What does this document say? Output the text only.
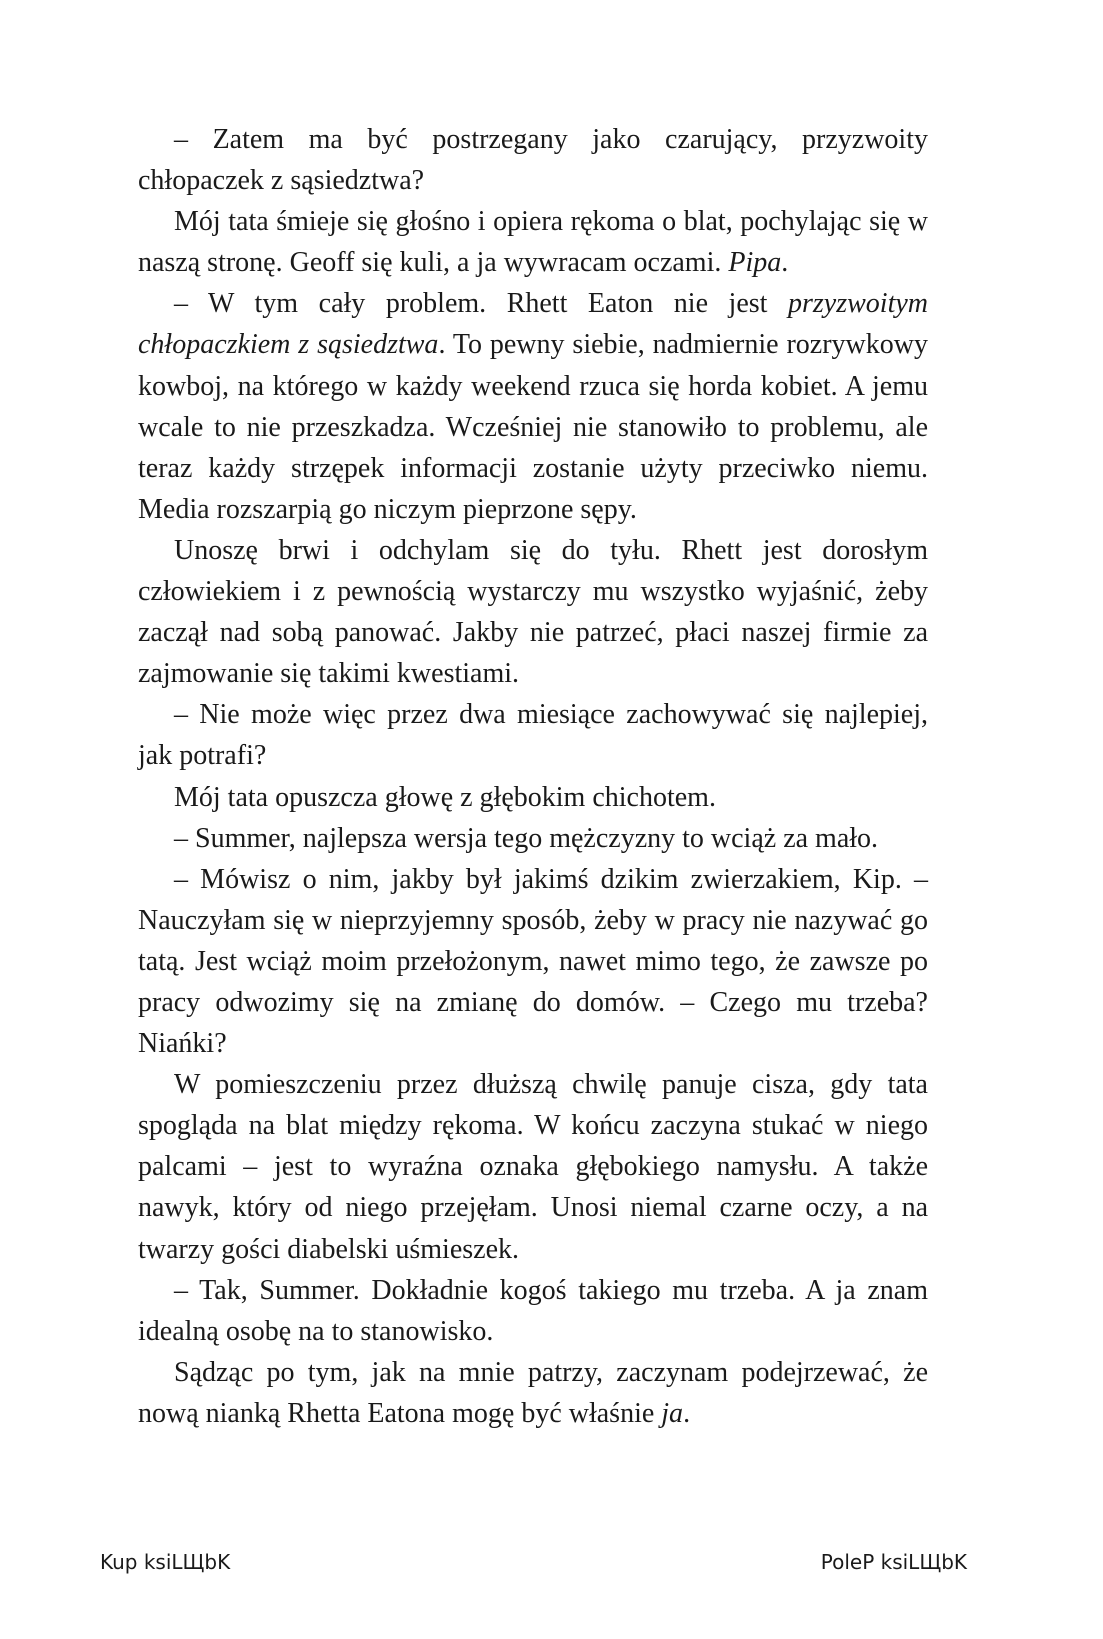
– Zatem ma być postrzegany jako czarujący, przyzwoity chłopaczek z sąsiedztwa?

Mój tata śmieje się głośno i opiera rękoma o blat, pochylając się w naszą stronę. Geoff się kuli, a ja wywracam oczami. Pipa.

– W tym cały problem. Rhett Eaton nie jest przyzwoitym chłopaczkiem z sąsiedztwa. To pewny siebie, nadmiernie rozrywkowy kowboj, na którego w każdy weekend rzuca się horda kobiet. A jemu wcale to nie przeszkadza. Wcześniej nie stanowiło to problemu, ale teraz każdy strzępek informacji zostanie użyty przeciwko niemu. Media rozszarpią go niczym pieprzone sępy.

Unoszę brwi i odchylam się do tyłu. Rhett jest dorosłym człowiekiem i z pewnością wystarczy mu wszystko wyjaśnić, żeby zaczął nad sobą panować. Jakby nie patrzeć, płaci naszej firmie za zajmowanie się takimi kwestiami.

– Nie może więc przez dwa miesiące zachowywać się najlepiej, jak potrafi?

Mój tata opuszcza głowę z głębokim chichotem.

– Summer, najlepsza wersja tego mężczyzny to wciąż za mało.

– Mówisz o nim, jakby był jakimś dzikim zwierzakiem, Kip. – Nauczyłam się w nieprzyjemny sposób, żeby w pracy nie nazywać go tatą. Jest wciąż moim przełożonym, nawet mimo tego, że zawsze po pracy odwozimy się na zmianę do domów. – Czego mu trzeba? Niańki?

W pomieszczeniu przez dłuższą chwilę panuje cisza, gdy tata spogląda na blat między rękoma. W końcu zaczyna stukać w niego palcami – jest to wyraźna oznaka głębokiego namysłu. A także nawyk, który od niego przejęłam. Unosi niemal czarne oczy, a na twarzy gości diabelski uśmieszek.

– Tak, Summer. Dokładnie kogoś takiego mu trzeba. A ja znam idealną osobę na to stanowisko.

Sądząc po tym, jak na mnie patrzy, zaczynam podejrzewać, że nową nianką Rhetta Eatona mogę być właśnie ja.

Kup ksiLЩbK	PoleP ksiLЩbK
